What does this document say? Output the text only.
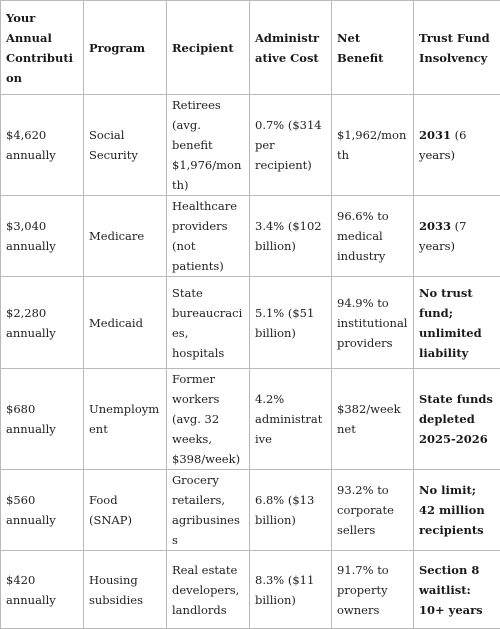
Your Annual Contribution	Program	Recipient	Administrative Cost	Net Benefit	Trust Fund Insolvency
$4,620 annually	Social Security	Retirees (avg. benefit $1,976/month)	0.7% ($314 per recipient)	$1,962/month	2031 (6 years)
$3,040 annually	Medicare	Healthcare providers (not patients)	3.4% ($102 billion)	96.6% to medical industry	2033 (7 years)
$2,280 annually	Medicaid	State bureaucracies, hospitals	5.1% ($51 billion)	94.9% to institutional providers	No trust fund; unlimited liability
$680 annually	Unemployment	Former workers (avg. 32 weeks, $398/week)	4.2% administrative	$382/week net	State funds depleted 2025-2026
$560 annually	Food (SNAP)	Grocery retailers, agribusiness	6.8% ($13 billion)	93.2% to corporate sellers	No limit; 42 million recipients
$420 annually	Housing subsidies	Real estate developers, landlords	8.3% ($11 billion)	91.7% to property owners	Section 8 waitlist: 10+ years
